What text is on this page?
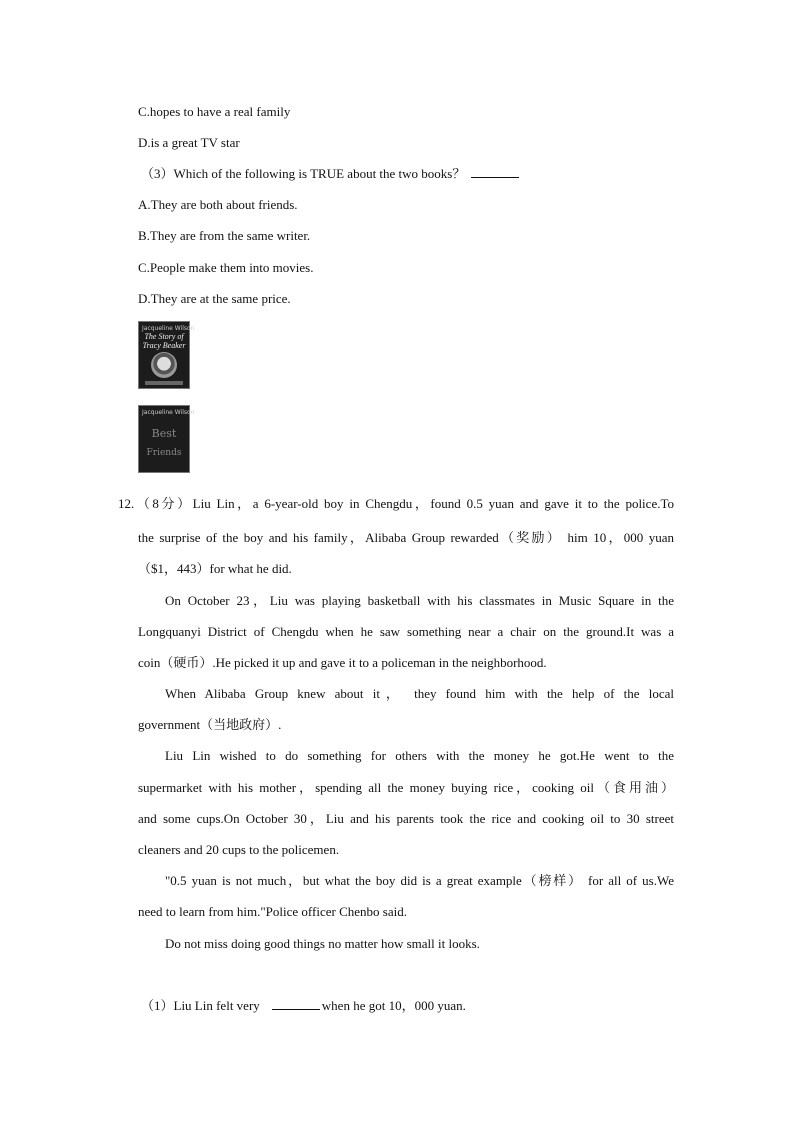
C.hopes to have a real family
D.is a great TV star
（3）Which of the following is TRUE about the two books？
A.They are both about friends.
B.They are from the same writer.
C.People make them into movies.
D.They are at the same price.
Jacqueline Wilson
The Story of Tracy Beaker
Jacqueline Wilson
Best
Friends
12.（8分）Liu Lin，a 6-year-old boy in Chengdu，found 0.5 yuan and gave it to the police.To
the surprise of the boy and his family，Alibaba Group rewarded（奖励） him 10，000 yuan
（$1，443）for what he did.
On October 23，Liu was playing basketball with his classmates in Music Square in the
Longquanyi District of Chengdu when he saw something near a chair on the ground.It was a
coin（硬币）.He picked it up and gave it to a policeman in the neighborhood.
When Alibaba Group knew about it， they found him with the help of the local
government（当地政府）.
Liu Lin wished to do something for others with the money he got.He went to the
supermarket with his mother，spending all the money buying rice，cooking oil（食用油）
and some cups.On October 30，Liu and his parents took the rice and cooking oil to 30 street
cleaners and 20 cups to the policemen.
"0.5 yuan is not much，but what the boy did is a great example（榜样） for all of us.We
need to learn from him."Police officer Chenbo said.
Do not miss doing good things no matter how small it looks.
（1）Liu Lin felt very	when he got 10，000 yuan.
